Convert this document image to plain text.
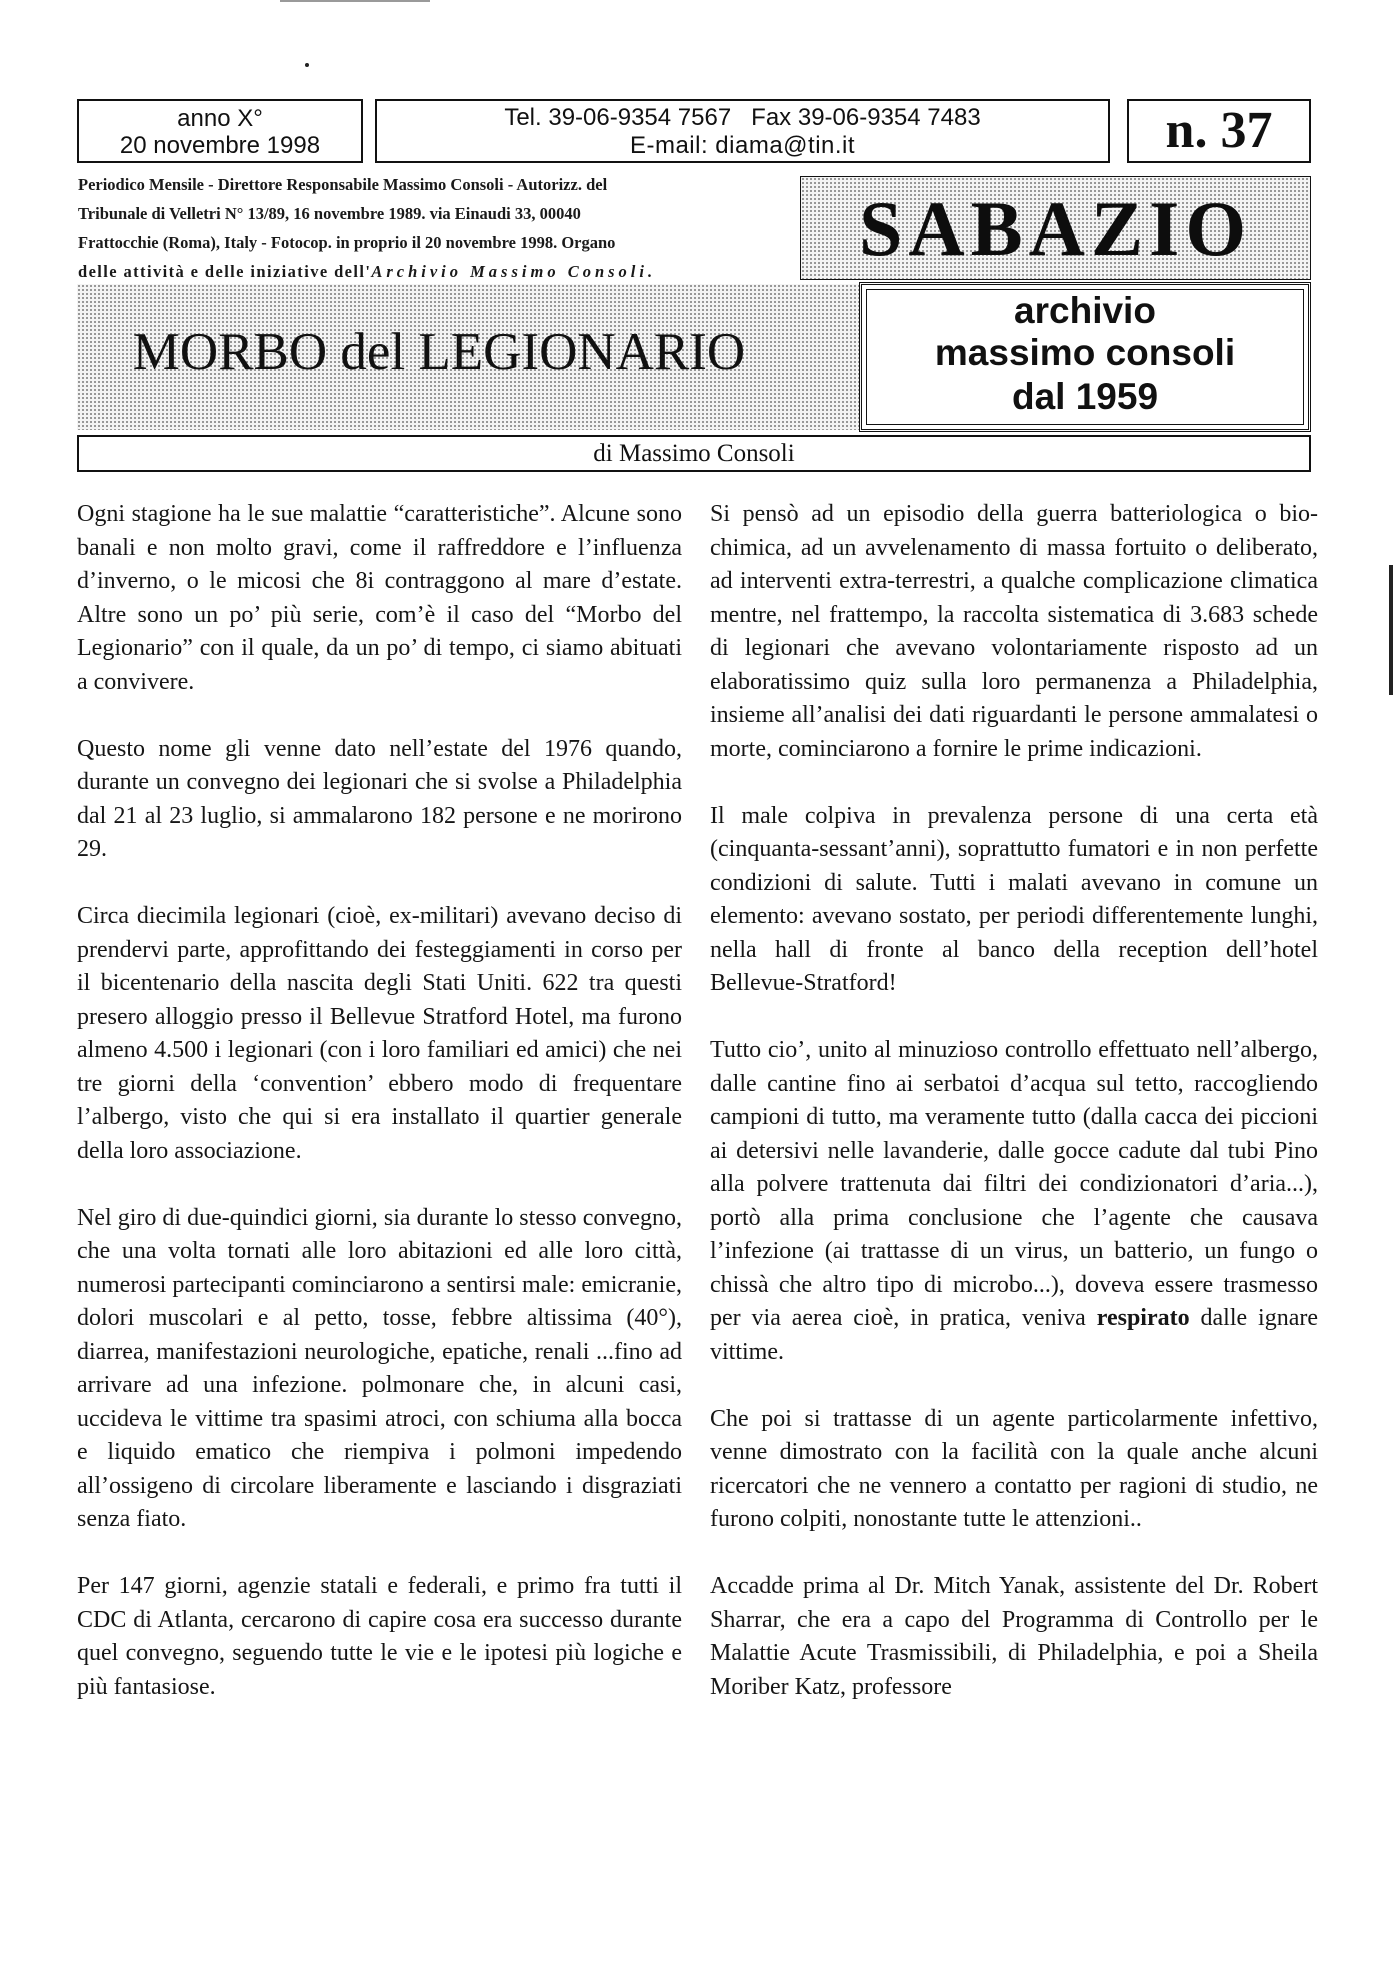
anno X°
20 novembre 1998
Tel. 39-06-9354 7567   Fax 39-06-9354 7483
E-mail: diama@tin.it	n. 37
Periodico Mensile - Direttore Responsabile Massimo Consoli - Autorizz. del
Tribunale di Velletri N° 13/89, 16 novembre 1989. via Einaudi 33, 00040
Frattocchie (Roma), Italy - Fotocop. in proprio il 20 novembre 1998. Organo
delle attività e delle iniziative dell'Archivio Massimo Consoli.	SABAZIO
MORBO del LEGIONARIO
archivio
massimo consoli
dal 1959
di Massimo Consoli

Ogni stagione ha le sue malattie “caratteristiche”. Alcune sono banali e non molto gravi, come il raffreddore e l’influenza d’inverno, o le micosi che 8i contraggono al mare d’estate. Altre sono un po’ più serie, com’è il caso del “Morbo del Legionario” con il quale, da un po’ di tempo, ci siamo abituati a convivere.

Questo nome gli venne dato nell’estate del 1976 quando, durante un convegno dei legionari che si svolse a Philadelphia dal 21 al 23 luglio, si ammalarono 182 persone e ne morirono 29.

Circa diecimila legionari (cioè, ex-militari) avevano deciso di prendervi parte, approfittando dei festeggiamenti in corso per il bicentenario della nascita degli Stati Uniti. 622 tra questi presero alloggio presso il Bellevue Stratford Hotel, ma furono almeno 4.500 i legionari (con i loro familiari ed amici) che nei tre giorni della ‘convention’ ebbero modo di frequentare l’albergo, visto che qui si era installato il quartier generale della loro associazione.

Nel giro di due-quindici giorni, sia durante lo stesso convegno, che una volta tornati alle loro abitazioni ed alle loro città, numerosi partecipanti cominciarono a sentirsi male: emicranie, dolori muscolari e al petto, tosse, febbre altissima (40°), diarrea, manifestazioni neurologiche, epatiche, renali ...fino ad arrivare ad una infezione. polmonare che, in alcuni casi, uccideva le vittime tra spasimi atroci, con schiuma alla bocca e liquido ematico che riempiva i polmoni impedendo all’ossigeno di circolare liberamente e lasciando i disgraziati senza fiato.

Per 147 giorni, agenzie statali e federali, e primo fra tutti il CDC di Atlanta, cercarono di capire cosa era successo durante quel convegno, seguendo tutte le vie e le ipotesi più logiche e più fantasiose.

Si pensò ad un episodio della guerra batteriologica o bio-chimica, ad un avvelenamento di massa fortuito o deliberato, ad interventi extra-terrestri, a qualche complicazione climatica mentre, nel frattempo, la raccolta sistematica di 3.683 schede di legionari che avevano volontariamente risposto ad un elaboratissimo quiz sulla loro permanenza a Philadelphia, insieme all’analisi dei dati riguardanti le persone ammalatesi o morte, cominciarono a fornire le prime indicazioni.

Il male colpiva in prevalenza persone di una certa età (cinquanta-sessant’anni), soprattutto fumatori e in non perfette condizioni di salute. Tutti i malati avevano in comune un elemento: avevano sostato, per periodi differentemente lunghi, nella hall di fronte al banco della reception dell’hotel Bellevue-Stratford!

Tutto cio’, unito al minuzioso controllo effettuato nell’albergo, dalle cantine fino ai serbatoi d’acqua sul tetto, raccogliendo campioni di tutto, ma veramente tutto (dalla cacca dei piccioni ai detersivi nelle lavanderie, dalle gocce cadute dal tubi Pino alla polvere trattenuta dai filtri dei condizionatori d’aria...), portò alla prima conclusione che l’agente che causava l’infezione (ai trattasse di un virus, un batterio, un fungo o chissà che altro tipo di microbo...), doveva essere trasmesso per via aerea cioè, in pratica, veniva respirato dalle ignare vittime.

Che poi si trattasse di un agente particolarmente infettivo, venne dimostrato con la facilità con la quale anche alcuni ricercatori che ne vennero a contatto per ragioni di studio, ne furono colpiti, nonostante tutte le attenzioni..

Accadde prima al Dr. Mitch Yanak, assistente del Dr. Robert Sharrar, che era a capo del Programma di Controllo per le Malattie Acute Trasmissibili, di Philadelphia, e poi a Sheila Moriber Katz, professore
